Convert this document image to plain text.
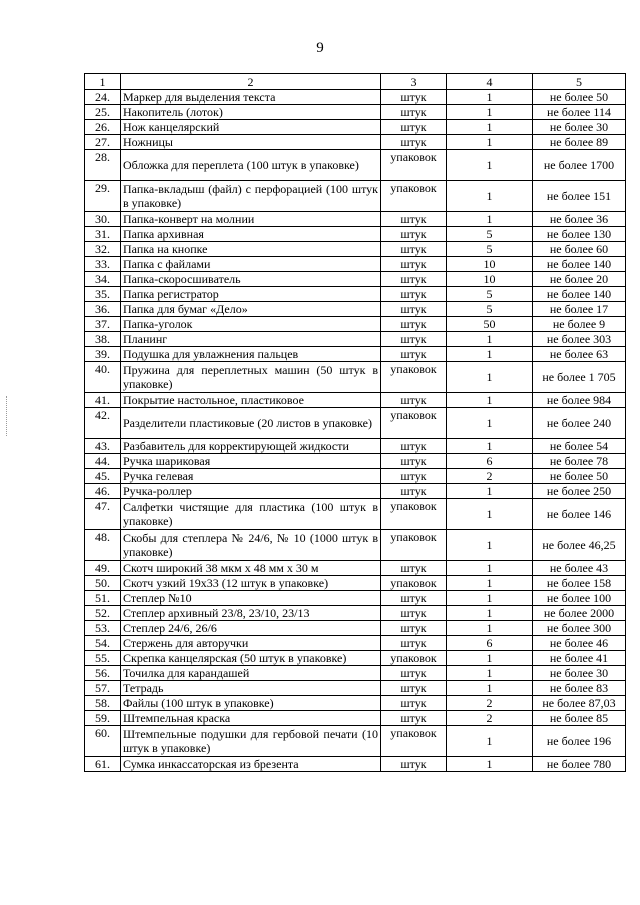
9
1	2	3	4	5
24.	Маркер для выделения текста	штук	1	не более 50
25.	Накопитель (лоток)	штук	1	не более 114
26.	Нож канцелярский	штук	1	не более 30
27.	Ножницы	штук	1	не более 89
28.	Обложка для переплета (100 штук в упаковке)	упаковок	1	не более 1700
29.	Папка-вкладыш (файл) с перфорацией (100 штук в упаковке)	упаковок	1	не более 151
30.	Папка-конверт на молнии	штук	1	не более 36
31.	Папка архивная	штук	5	не более 130
32.	Папка на кнопке	штук	5	не более 60
33.	Папка с файлами	штук	10	не более 140
34.	Папка-скоросшиватель	штук	10	не более 20
35.	Папка регистратор	штук	5	не более 140
36.	Папка для бумаг «Дело»	штук	5	не более 17
37.	Папка-уголок	штук	50	не более 9
38.	Планинг	штук	1	не более 303
39.	Подушка для увлажнения пальцев	штук	1	не более 63
40.	Пружина для переплетных машин (50 штук в упаковке)	упаковок	1	не более 1 705
41.	Покрытие настольное, пластиковое	штук	1	не более 984
42.	Разделители пластиковые (20 листов в упаковке)	упаковок	1	не более 240
43.	Разбавитель для корректирующей жидкости	штук	1	не более 54
44.	Ручка шариковая	штук	6	не более 78
45.	Ручка гелевая	штук	2	не более 50
46.	Ручка-роллер	штук	1	не более 250
47.	Салфетки чистящие для пластика (100 штук в упаковке)	упаковок	1	не более 146
48.	Скобы для степлера № 24/6, № 10 (1000 штук в упаковке)	упаковок	1	не более 46,25
49.	Скотч широкий 38 мкм х 48 мм х 30 м	штук	1	не более 43
50.	Скотч узкий 19x33 (12 штук в упаковке)	упаковок	1	не более 158
51.	Степлер №10	штук	1	не более 100
52.	Степлер архивный 23/8, 23/10, 23/13	штук	1	не более 2000
53.	Степлер 24/6, 26/6	штук	1	не более 300
54.	Стержень для авторучки	штук	6	не более 46
55.	Скрепка канцелярская (50 штук в упаковке)	упаковок	1	не более 41
56.	Точилка для карандашей	штук	1	не более 30
57.	Тетрадь	штук	1	не более 83
58.	Файлы (100 штук в упаковке)	штук	2	не более 87,03
59.	Штемпельная краска	штук	2	не более 85
60.	Штемпельные подушки для гербовой печати (10 штук в упаковке)	упаковок	1	не более 196
61.	Сумка инкассаторская из брезента	штук	1	не более 780
